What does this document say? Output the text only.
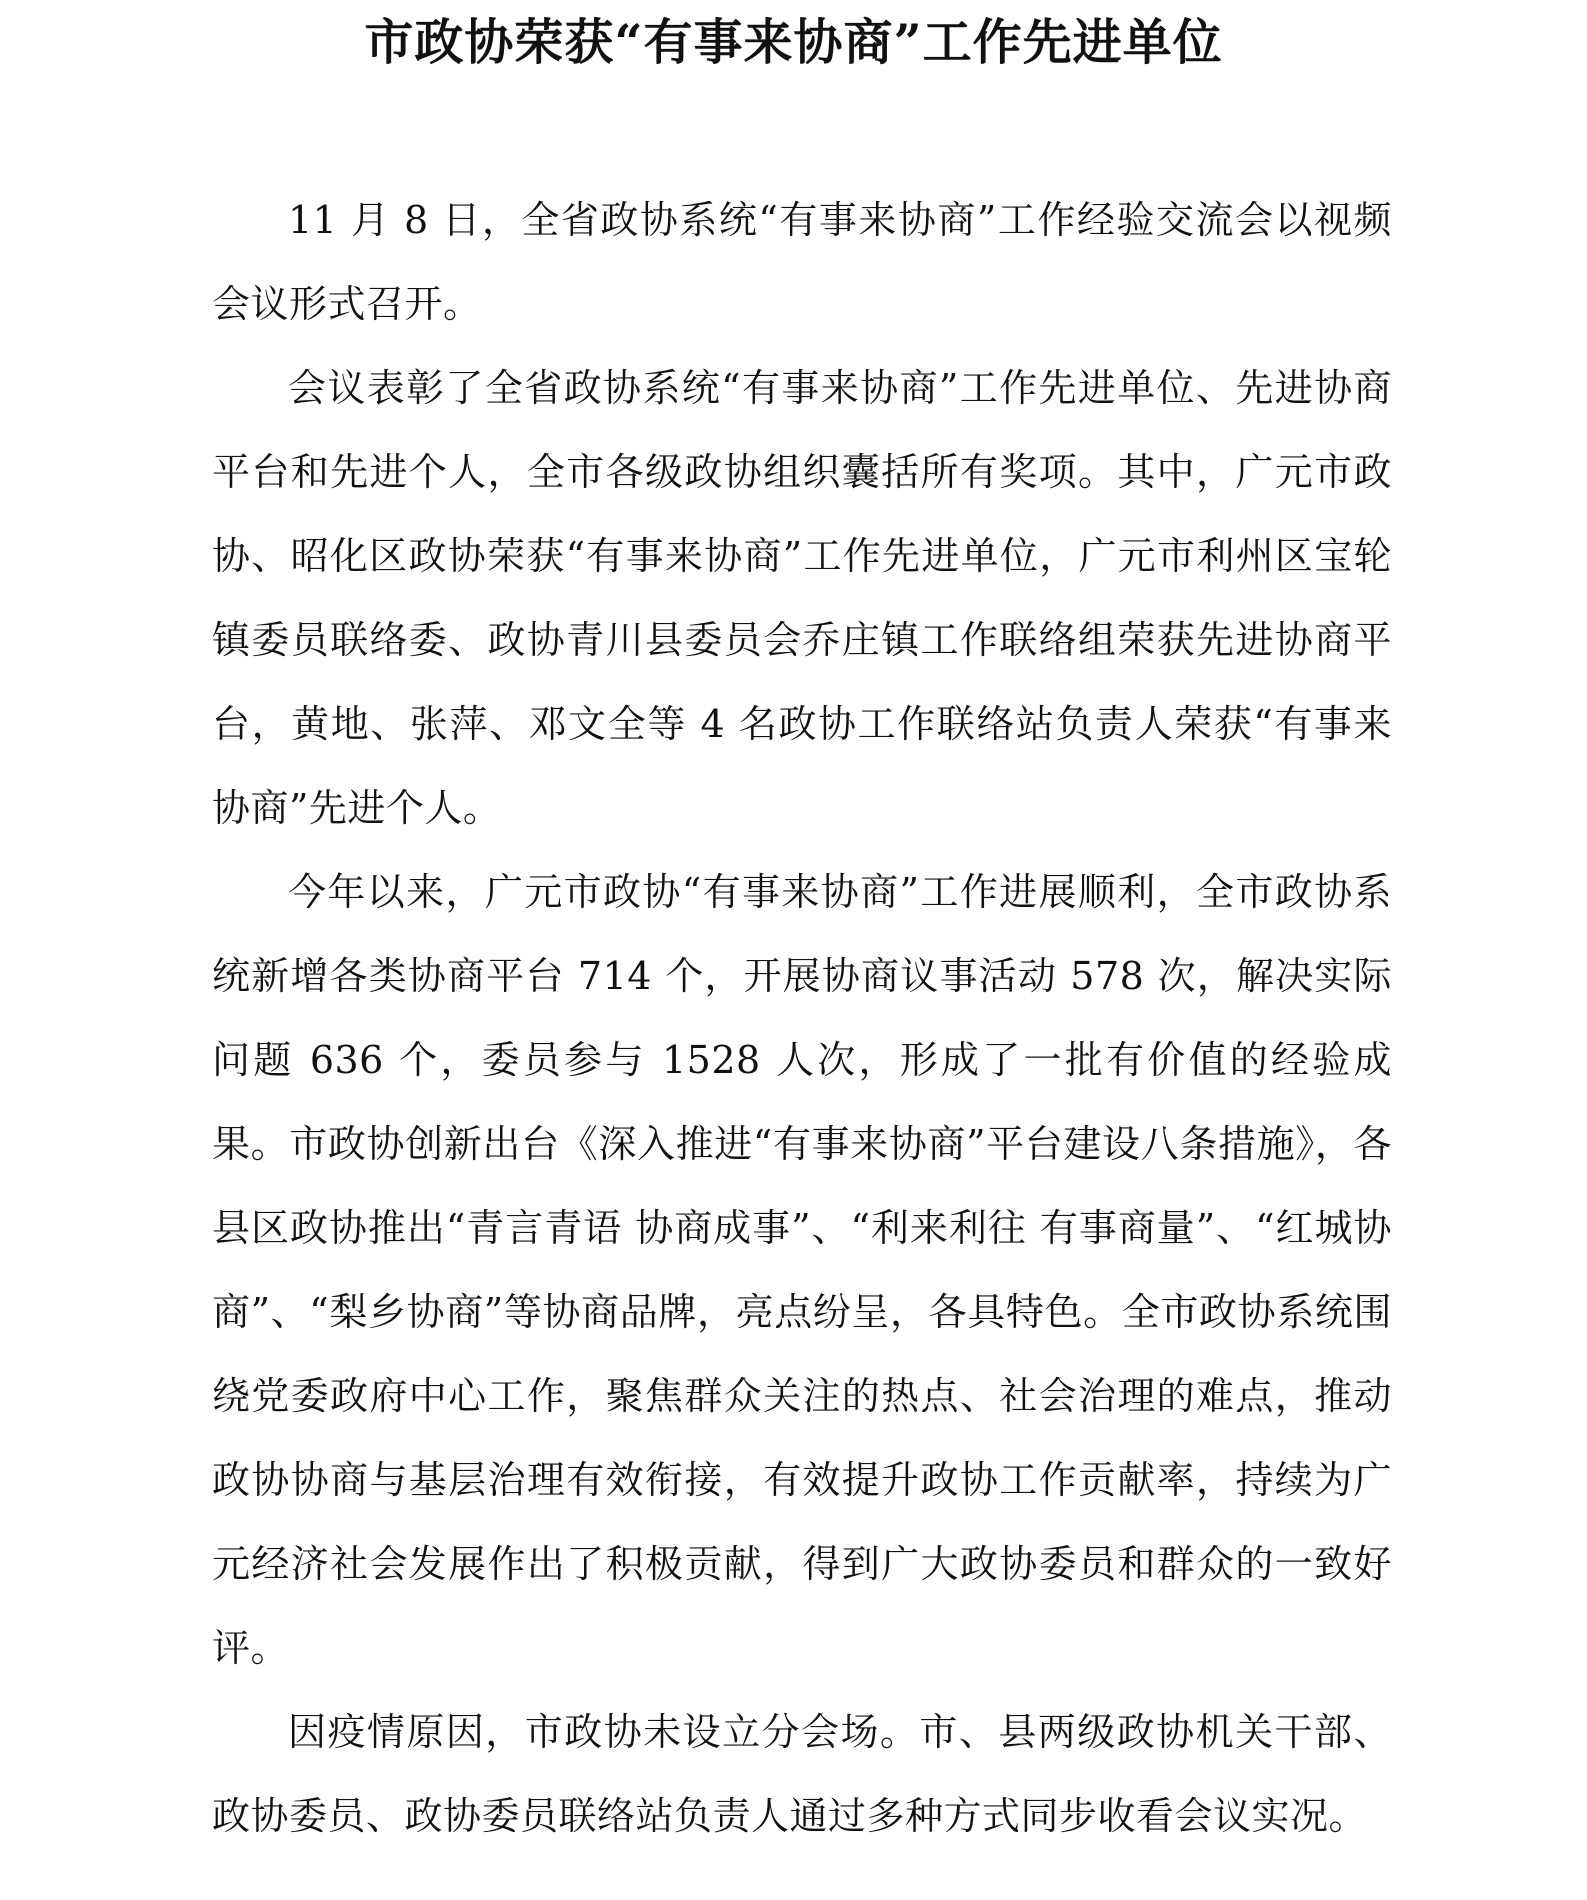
市政协荣获“有事来协商”工作先进单位

11 月 8 日，全省政协系统“有事来协商”工作经验交流会以视频会议形式召开。

会议表彰了全省政协系统“有事来协商”工作先进单位、先进协商平台和先进个人，全市各级政协组织囊括所有奖项。其中，广元市政协、昭化区政协荣获“有事来协商”工作先进单位，广元市利州区宝轮镇委员联络委、政协青川县委员会乔庄镇工作联络组荣获先进协商平台，黄地、张萍、邓文全等 4 名政协工作联络站负责人荣获“有事来协商”先进个人。

今年以来，广元市政协“有事来协商”工作进展顺利，全市政协系统新增各类协商平台 714 个，开展协商议事活动 578 次，解决实际问题 636 个，委员参与 1528 人次，形成了一批有价值的经验成果。市政协创新出台《深入推进“有事来协商”平台建设八条措施》，各县区政协推出“青言青语 协商成事”、“利来利往 有事商量”、“红城协商”、“梨乡协商”等协商品牌，亮点纷呈，各具特色。全市政协系统围绕党委政府中心工作，聚焦群众关注的热点、社会治理的难点，推动政协协商与基层治理有效衔接，有效提升政协工作贡献率，持续为广元经济社会发展作出了积极贡献，得到广大政协委员和群众的一致好评。

因疫情原因，市政协未设立分会场。市、县两级政协机关干部、政协委员、政协委员联络站负责人通过多种方式同步收看会议实况。
